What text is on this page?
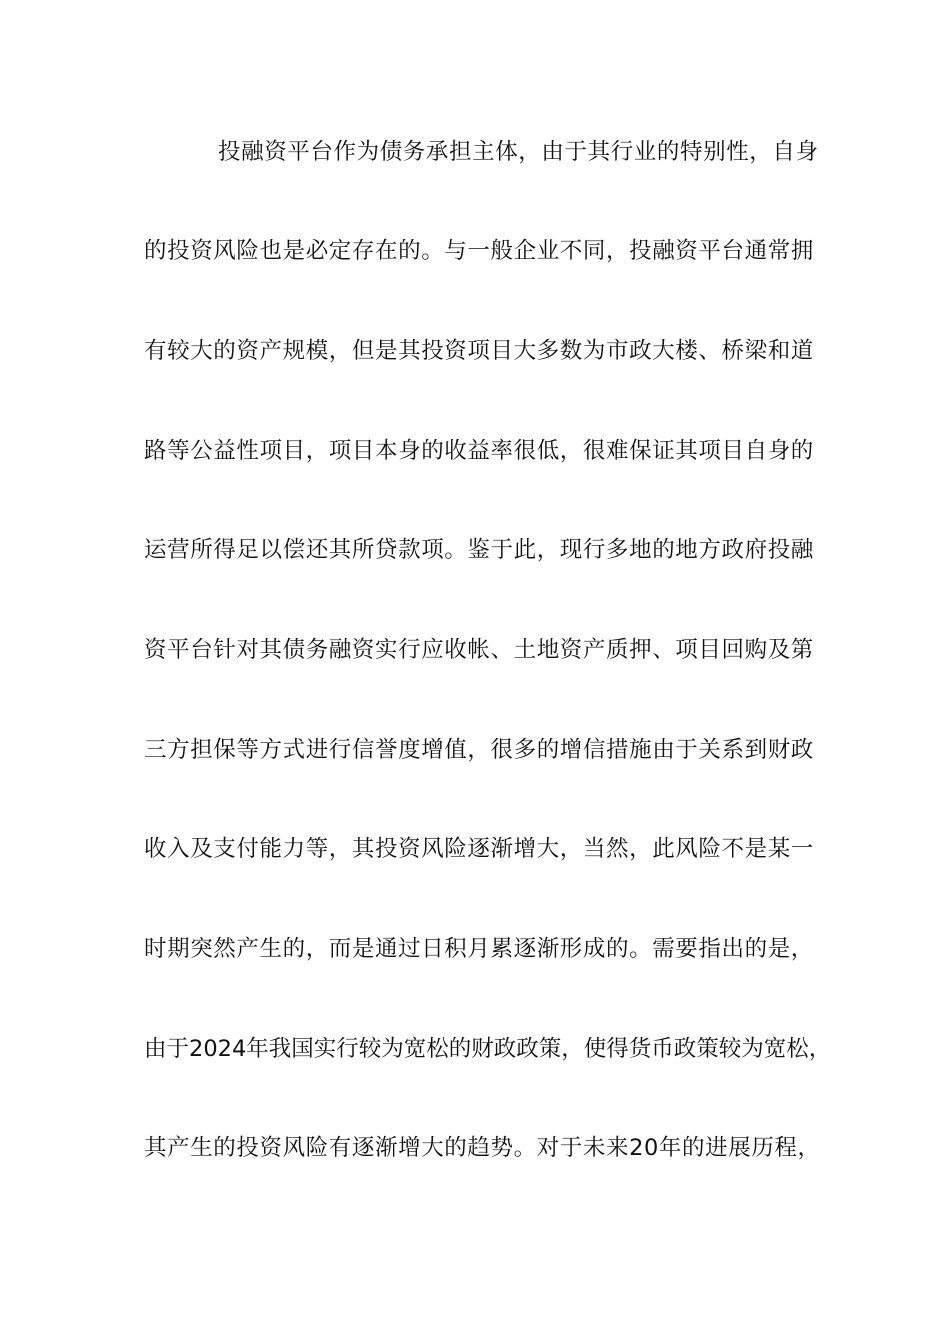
投融资平台作为债务承担主体，由于其行业的特别性，自身
的投资风险也是必定存在的。与一般企业不同，投融资平台通常拥
有较大的资产规模，但是其投资项目大多数为市政大楼、桥梁和道
路等公益性项目，项目本身的收益率很低，很难保证其项目自身的
运营所得足以偿还其所贷款项。鉴于此，现行多地的地方政府投融
资平台针对其债务融资实行应收帐、土地资产质押、项目回购及第
三方担保等方式进行信誉度增值，很多的增信措施由于关系到财政
收入及支付能力等，其投资风险逐渐增大，当然，此风险不是某一
时期突然产生的，而是通过日积月累逐渐形成的。需要指出的是，
由于2024年我国实行较为宽松的财政政策，使得货币政策较为宽松，
其产生的投资风险有逐渐增大的趋势。对于未来20年的进展历程，
